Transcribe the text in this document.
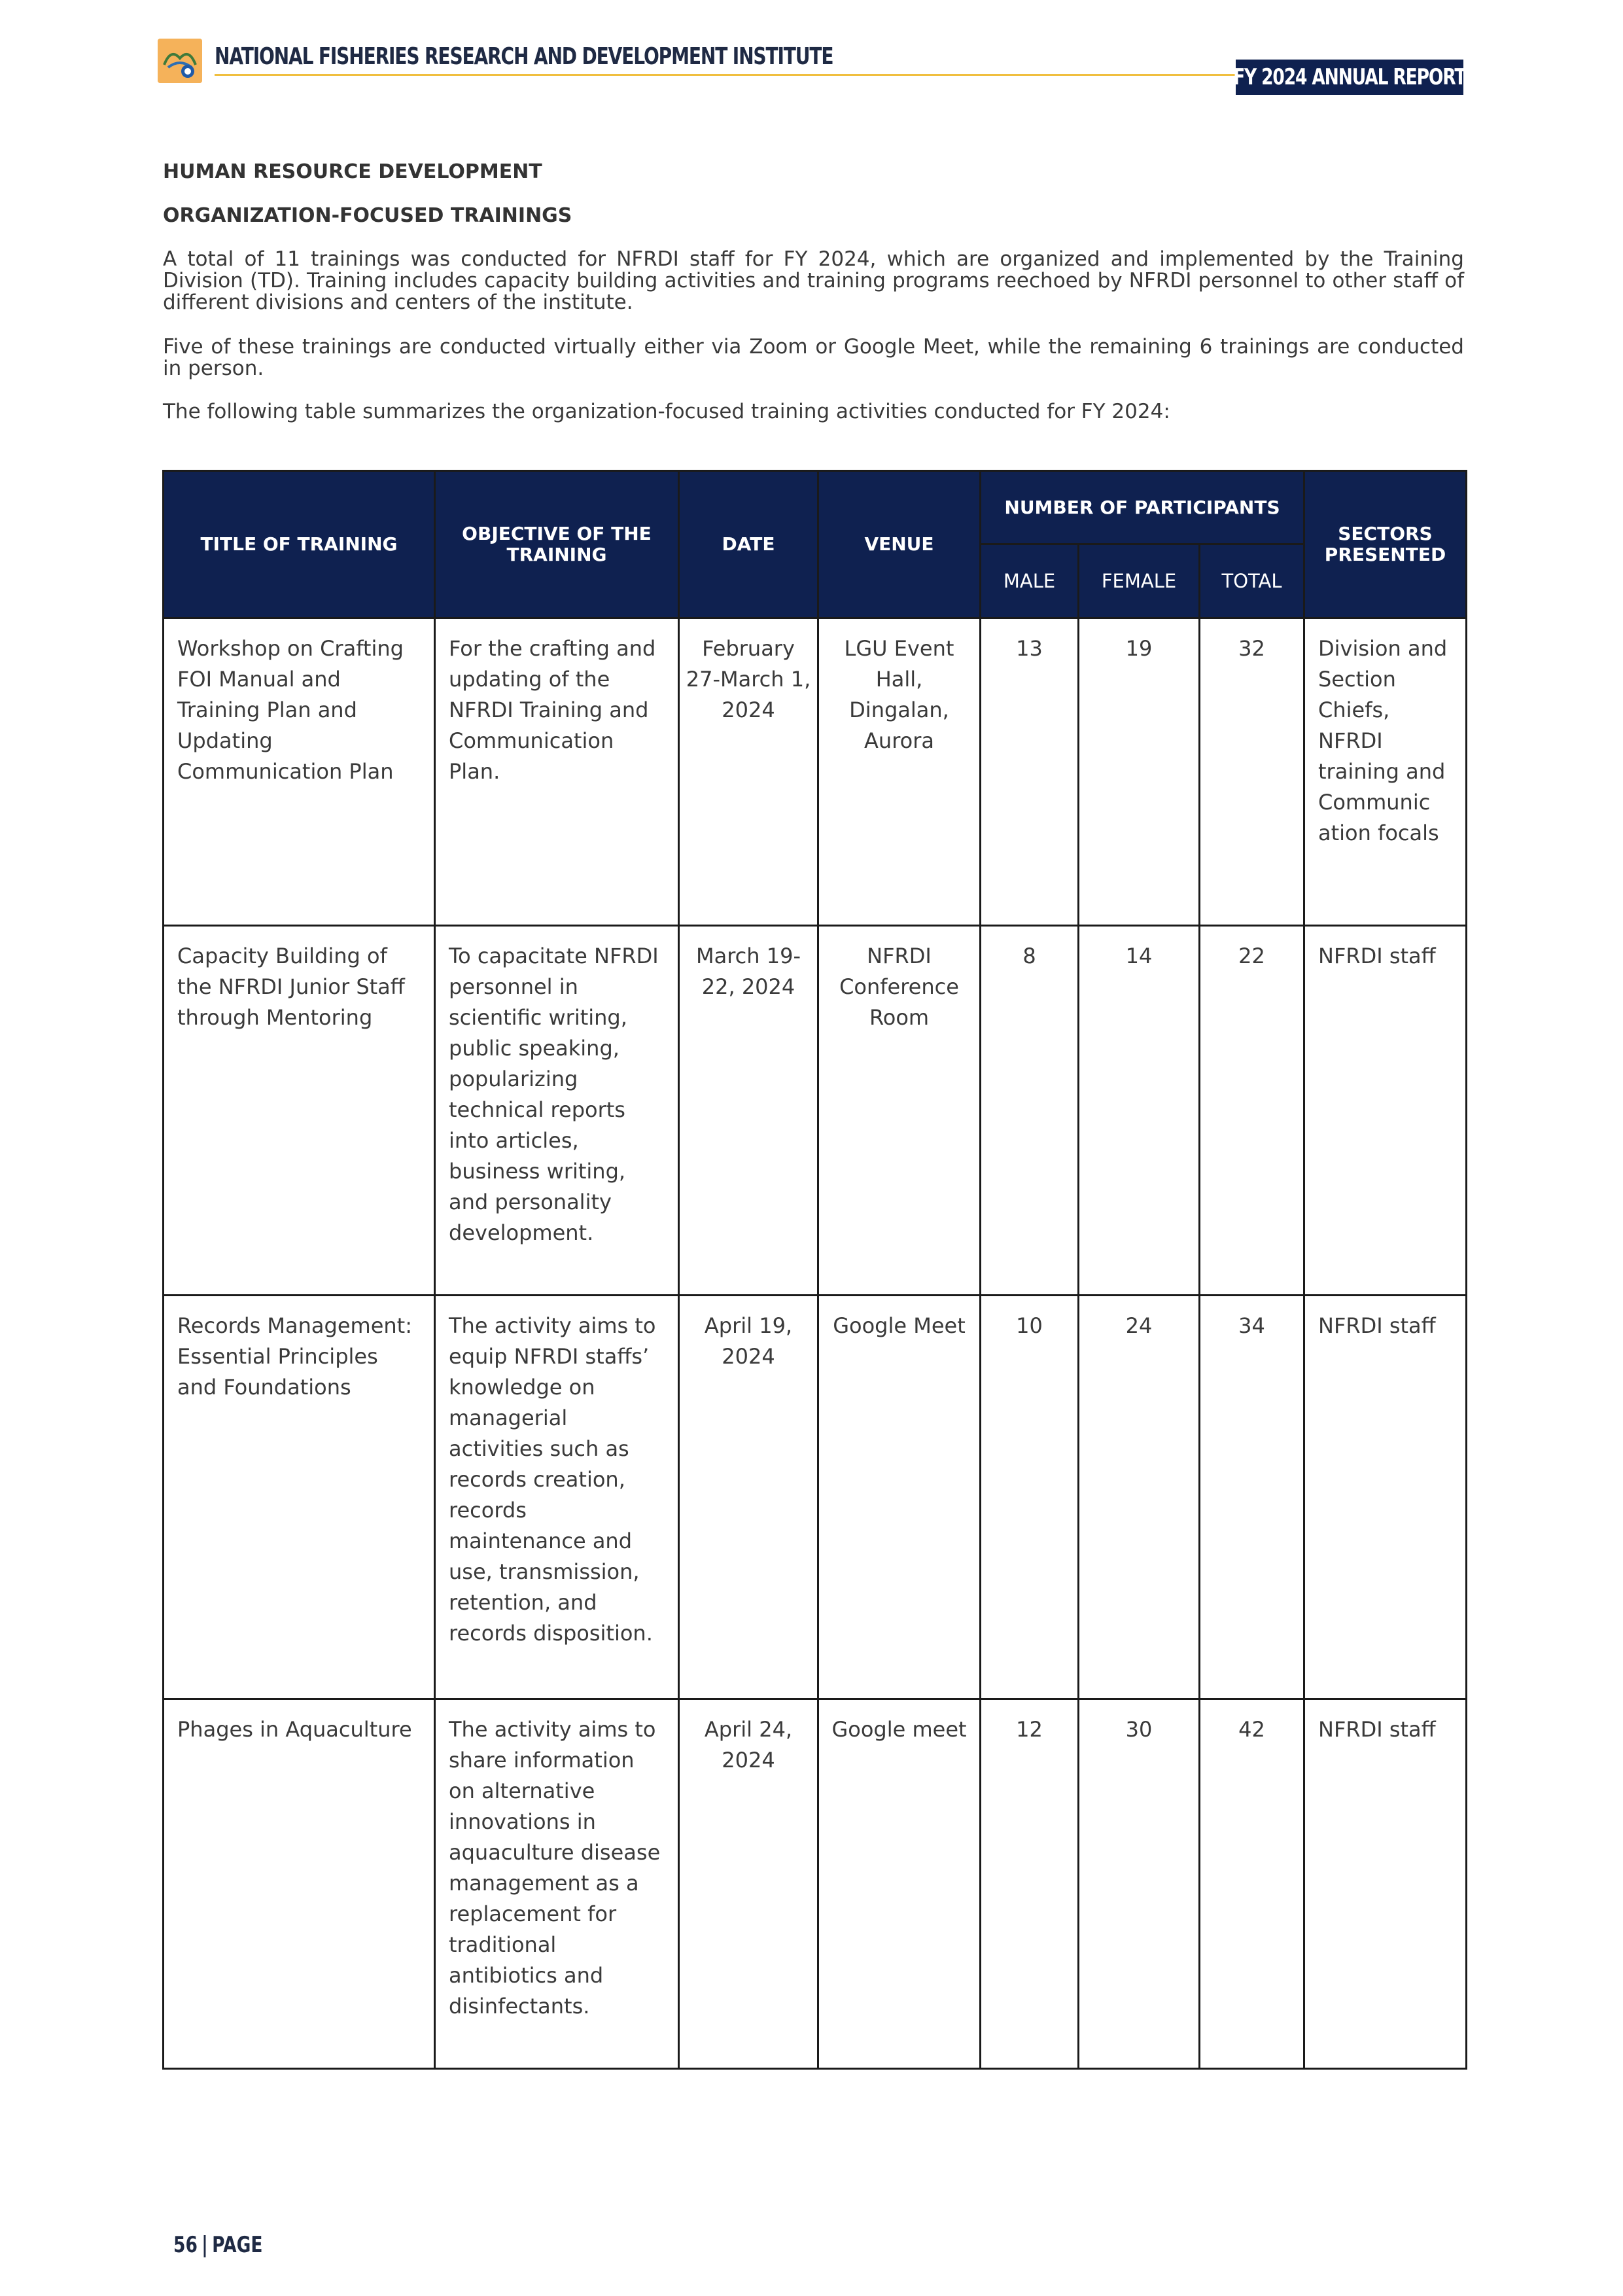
NATIONAL FISHERIES RESEARCH AND DEVELOPMENT INSTITUTE
FY 2024 ANNUAL REPORT
HUMAN RESOURCE DEVELOPMENT
ORGANIZATION-FOCUSED TRAININGS

A total of 11 trainings was conducted for NFRDI staff for FY 2024, which are organized and implemented by the Training Division (TD). Training includes capacity building activities and training programs reechoed by NFRDI personnel to other staff of different divisions and centers of the institute.

Five of these trainings are conducted virtually either via Zoom or Google Meet, while the remaining 6 trainings are conducted in person.

The following table summarizes the organization-focused training activities conducted for FY 2024:

TITLE OF TRAINING	OBJECTIVE OF THE TRAINING	DATE	VENUE	NUMBER OF PARTICIPANTS			SECTORS PRESENTED
				MALE	FEMALE	TOTAL	
Workshop on Crafting FOI Manual and Training Plan and Updating Communication Plan	For the crafting and updating of the NFRDI Training and Communication Plan.	February 27-March 1, 2024	LGU Event Hall, Dingalan, Aurora	13	19	32	Division and Section Chiefs, NFRDI training and Communic ation focals
Capacity Building of the NFRDI Junior Staff through Mentoring	To capacitate NFRDI personnel in scientific writing, public speaking, popularizing technical reports into articles, business writing, and personality development.	March 19-22, 2024	NFRDI Conference Room	8	14	22	NFRDI staff
Records Management: Essential Principles and Foundations	The activity aims to equip NFRDI staffs’ knowledge on managerial activities such as records creation, records maintenance and use, transmission, retention, and records disposition.	April 19, 2024	Google Meet	10	24	34	NFRDI staff
Phages in Aquaculture	The activity aims to share information on alternative innovations in aquaculture disease management as a replacement for traditional antibiotics and disinfectants.	April 24, 2024	Google meet	12	30	42	NFRDI staff
56 | PAGE
